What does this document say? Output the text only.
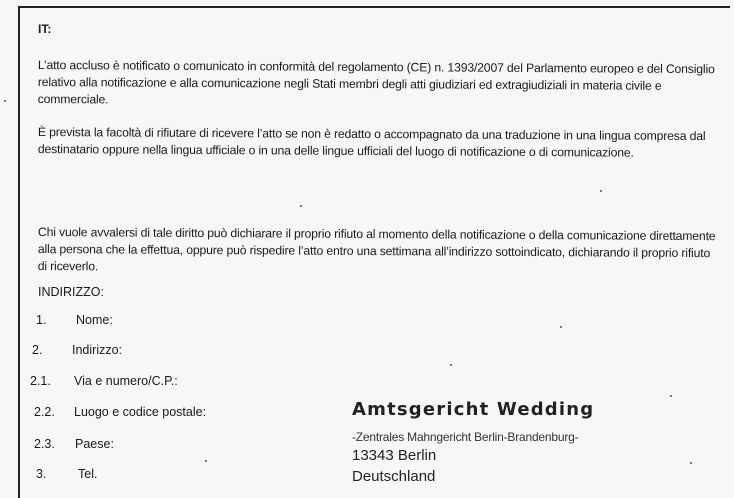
IT:
L’atto accluso è notificato o comunicato in conformità del regolamento (CE) n. 1393/2007 del Parlamento europeo e del Consiglio relativo alla notificazione e alla comunicazione negli Stati membri degli atti giudiziari ed extragiudiziali in materia civile e commerciale.
È prevista la facoltà di rifiutare di ricevere l’atto se non è redatto o accompagnato da una traduzione in una lingua compresa dal destinatario oppure nella lingua ufficiale o in una delle lingue ufficiali del luogo di notificazione o di comunicazione.
Chi vuole avvalersi di tale diritto può dichiarare il proprio rifiuto al momento della notificazione o della comunicazione direttamente alla persona che la effettua, oppure può rispedire l’atto entro una settimana all’indirizzo sottoindicato, dichiarando il proprio rifiuto di riceverlo.
INDIRIZZO:
1. Nome:
2. Indirizzo:
2.1. Via e numero/C.P.:
2.2. Luogo e codice postale:
2.3. Paese:
3.	Tel.
Amtsgericht Wedding
-Zentrales Mahngericht Berlin-Brandenburg-
13343 Berlin
Deutschland
